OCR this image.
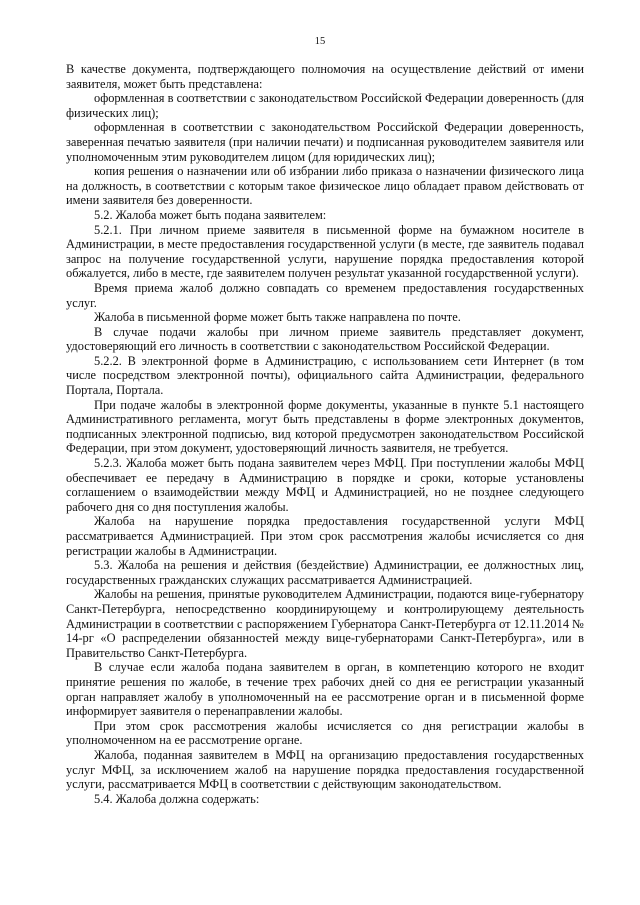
15

В качестве документа, подтверждающего полномочия на осуществление действий от имени заявителя, может быть представлена:

оформленная в соответствии с законодательством Российской Федерации доверенность (для физических лиц);

оформленная в соответствии с законодательством Российской Федерации доверенность, заверенная печатью заявителя (при наличии печати) и подписанная руководителем заявителя или уполномоченным этим руководителем лицом (для юридических лиц);

копия решения о назначении или об избрании либо приказа о назначении физического лица на должность, в соответствии с которым такое физическое лицо обладает правом действовать от имени заявителя без доверенности.

5.2. Жалоба может быть подана заявителем:

5.2.1. При личном приеме заявителя в письменной форме на бумажном носителе в Администрации, в месте предоставления государственной услуги (в месте, где заявитель подавал запрос на получение государственной услуги, нарушение порядка предоставления которой обжалуется, либо в месте, где заявителем получен результат указанной государственной услуги).

Время приема жалоб должно совпадать со временем предоставления государственных услуг.

Жалоба в письменной форме может быть также направлена по почте.

В случае подачи жалобы при личном приеме заявитель представляет документ, удостоверяющий его личность в соответствии с законодательством Российской Федерации.

5.2.2. В электронной форме в Администрацию, с использованием сети Интернет (в том числе посредством электронной почты), официального сайта Администрации, федерального Портала, Портала.

При подаче жалобы в электронной форме документы, указанные в пункте 5.1 настоящего Административного регламента, могут быть представлены в форме электронных документов, подписанных электронной подписью, вид которой предусмотрен законодательством Российской Федерации, при этом документ, удостоверяющий личность заявителя, не требуется.

5.2.3. Жалоба может быть подана заявителем через МФЦ. При поступлении жалобы МФЦ обеспечивает ее передачу в Администрацию в порядке и сроки, которые установлены соглашением о взаимодействии между МФЦ и Администрацией, но не позднее следующего рабочего дня со дня поступления жалобы.

Жалоба на нарушение порядка предоставления государственной услуги МФЦ рассматривается Администрацией. При этом срок рассмотрения жалобы исчисляется со дня регистрации жалобы в Администрации.

5.3. Жалоба на решения и действия (бездействие) Администрации, ее должностных лиц, государственных гражданских служащих рассматривается Администрацией.

Жалобы на решения, принятые руководителем Администрации, подаются вице-губернатору Санкт-Петербурга, непосредственно координирующему и контролирующему деятельность Администрации в соответствии с распоряжением Губернатора Санкт-Петербурга от 12.11.2014 № 14-рг «О распределении обязанностей между вице-губернаторами Санкт-Петербурга», или в Правительство Санкт-Петербурга.

В случае если жалоба подана заявителем в орган, в компетенцию которого не входит принятие решения по жалобе, в течение трех рабочих дней со дня ее регистрации указанный орган направляет жалобу в уполномоченный на ее рассмотрение орган и в письменной форме информирует заявителя о перенаправлении жалобы.

При этом срок рассмотрения жалобы исчисляется со дня регистрации жалобы в уполномоченном на ее рассмотрение органе.

Жалоба, поданная заявителем в МФЦ на организацию предоставления государственных услуг МФЦ, за исключением жалоб на нарушение порядка предоставления государственной услуги, рассматривается МФЦ в соответствии с действующим законодательством.

5.4. Жалоба должна содержать:
